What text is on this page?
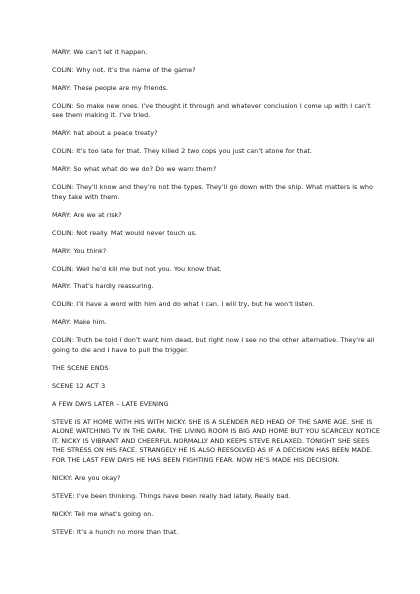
MARY: We can’t let it happen.

COLIN: Why not, it’s the name of the game?

MARY: These people are my friends.

COLIN: So make new ones. I’ve thought it through and whatever conclusion I come up with I can’t see them making it. I’ve tried.

MARY: hat about a peace treaty?

COLIN: It’s too late for that. They killed 2 two cops you just can’t atone for that.

MARY: So what what do we do? Do we warn them?

COLIN: They’ll know and they’re not the types. They’ll go down with the ship. What matters is who they take with them.

MARY: Are we at risk?

COLIN: Not really. Mat would never touch us.

MARY: You think?

COLIN: Well he’d kill me but not you. You know that.

MARY: That’s hardly reassuring.

COLIN: I’ll have a word with him and do what I can. I will try, but he won’t listen.

MARY: Make him.

COLIN: Truth be told I don’t want him dead, but right now I see no the other alternative. They’re all going to die and I have to pull the trigger.

THE SCENE ENDS

SCENE 12 ACT 3

A FEW DAYS LATER – LATE EVENING

STEVE IS AT HOME WITH HIS WITH NICKY. SHE IS A SLENDER RED HEAD OF THE SAME AGE. SHE IS ALONE WATCHING TV IN THE DARK. THE LIVING ROOM IS BIG AND HOME BUT YOU SCARCELY NOTICE IT. NICKY IS VIBRANT AND CHEERFUL NORMALLY AND KEEPS STEVE RELAXED. TONIGHT SHE SEES THE STRESS ON HIS FACE. STRANGELY HE IS ALSO REESOLVED AS IF A DECISION HAS BEEN MADE. FOR THE LAST FEW DAYS HE HAS BEEN FIGHTING FEAR. NOW HE’S MADE HIS DECISION.

NICKY: Are you okay?

STEVE: I’ve been thinking. Things have been really bad lately. Really bad.

NICKY: Tell me what’s going on.

STEVE: It’s a hunch no more than that.
